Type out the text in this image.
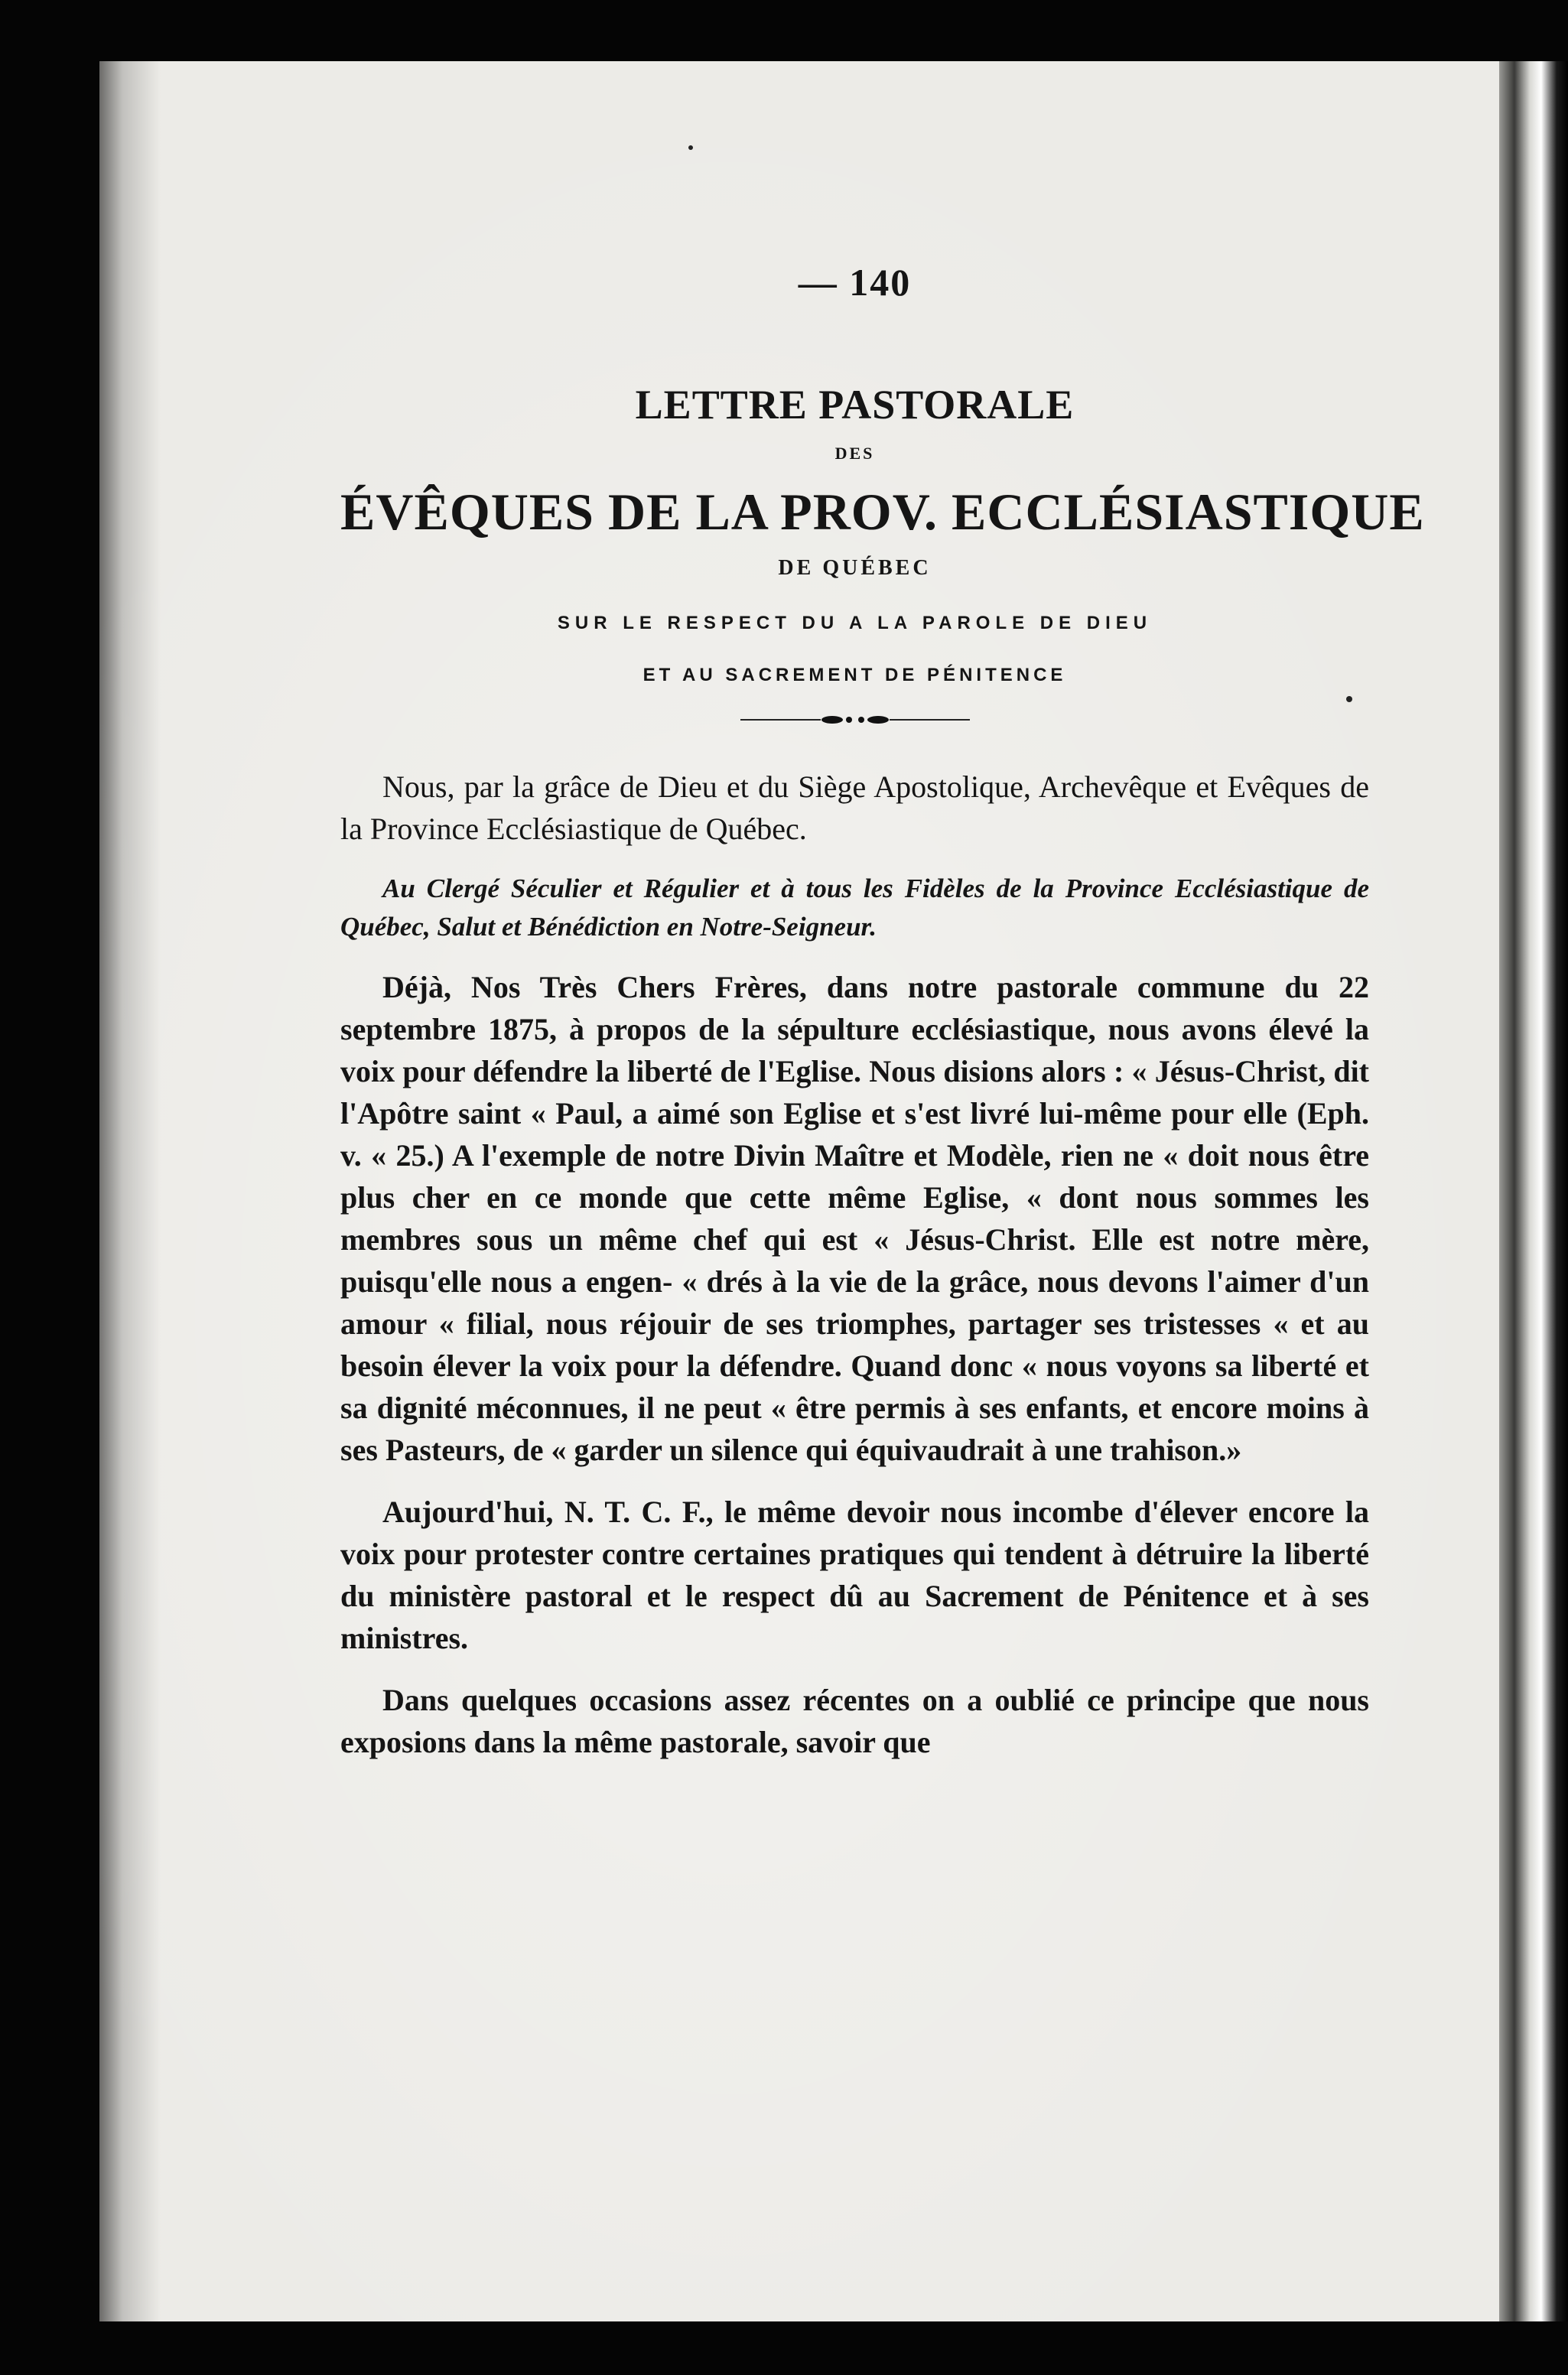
— 140
LETTRE PASTORALE
DES
ÉVÊQUES DE LA PROV. ECCLÉSIASTIQUE
DE QUÉBEC
SUR LE RESPECT DU A LA PAROLE DE DIEU
ET AU SACREMENT DE PÉNITENCE

Nous, par la grâce de Dieu et du Siège Apostolique, Archevêque et Evêques de la Province Ecclésiastique de Québec.

Au Clergé Séculier et Régulier et à tous les Fidèles de la Province Ecclésiastique de Québec, Salut et Bénédiction en Notre-Seigneur.

Déjà, Nos Très Chers Frères, dans notre pastorale commune du 22 septembre 1875, à propos de la sépulture ecclésiastique, nous avons élevé la voix pour défendre la liberté de l'Eglise. Nous disions alors : « Jésus-Christ, dit l'Apôtre saint « Paul, a aimé son Eglise et s'est livré lui-même pour elle (Eph. v. « 25.) A l'exemple de notre Divin Maître et Modèle, rien ne « doit nous être plus cher en ce monde que cette même Eglise, « dont nous sommes les membres sous un même chef qui est « Jésus-Christ. Elle est notre mère, puisqu'elle nous a engen- « drés à la vie de la grâce, nous devons l'aimer d'un amour « filial, nous réjouir de ses triomphes, partager ses tristesses « et au besoin élever la voix pour la défendre. Quand donc « nous voyons sa liberté et sa dignité méconnues, il ne peut « être permis à ses enfants, et encore moins à ses Pasteurs, de « garder un silence qui équivaudrait à une trahison.»

Aujourd'hui, N. T. C. F., le même devoir nous incombe d'élever encore la voix pour protester contre certaines pratiques qui tendent à détruire la liberté du ministère pastoral et le respect dû au Sacrement de Pénitence et à ses ministres.

Dans quelques occasions assez récentes on a oublié ce principe que nous exposions dans la même pastorale, savoir que
